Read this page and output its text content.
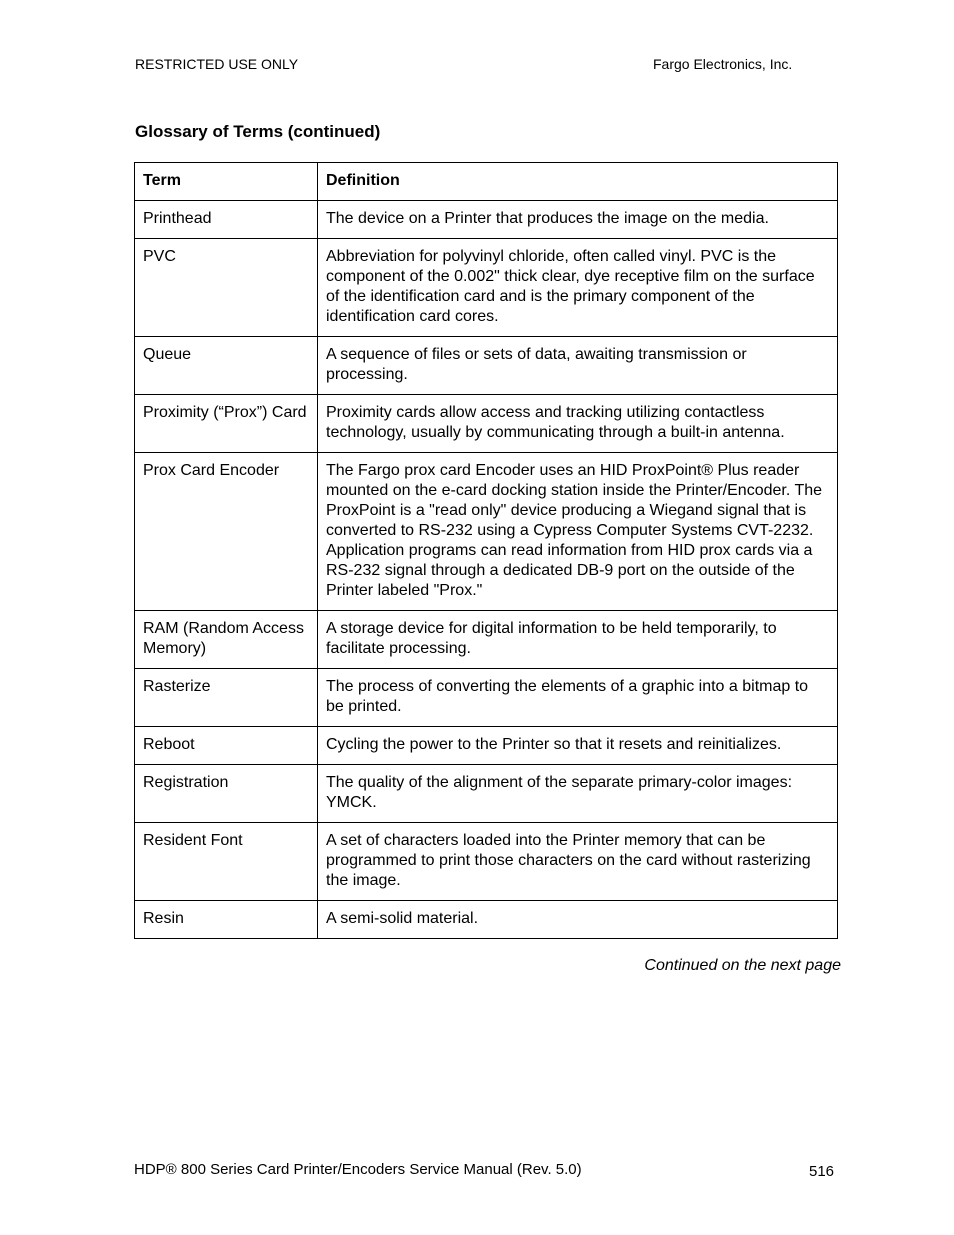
RESTRICTED USE ONLY	Fargo Electronics, Inc.
Glossary of Terms (continued)
Term	Definition
Printhead	The device on a Printer that produces the image on the media.
PVC	Abbreviation for polyvinyl chloride, often called vinyl. PVC is the component of the 0.002" thick clear, dye receptive film on the surface of the identification card and is the primary component of the identification card cores.
Queue	A sequence of files or sets of data, awaiting transmission or processing.
Proximity (“Prox”) Card	Proximity cards allow access and tracking utilizing contactless technology, usually by communicating through a built-in antenna.
Prox Card Encoder	The Fargo prox card Encoder uses an HID ProxPoint® Plus reader mounted on the e-card docking station inside the Printer/Encoder. The ProxPoint is a "read only" device producing a Wiegand signal that is converted to RS-232 using a Cypress Computer Systems CVT-2232. Application programs can read information from HID prox cards via a RS-232 signal through a dedicated DB-9 port on the outside of the Printer labeled "Prox."
RAM (Random Access Memory)	A storage device for digital information to be held temporarily, to facilitate processing.
Rasterize	The process of converting the elements of a graphic into a bitmap to be printed.
Reboot	Cycling the power to the Printer so that it resets and reinitializes.
Registration	The quality of the alignment of the separate primary-color images: YMCK.
Resident Font	A set of characters loaded into the Printer memory that can be programmed to print those characters on the card without rasterizing the image.
Resin	A semi-solid material.
Continued on the next page
HDP® 800 Series Card Printer/Encoders Service Manual (Rev. 5.0)	516
